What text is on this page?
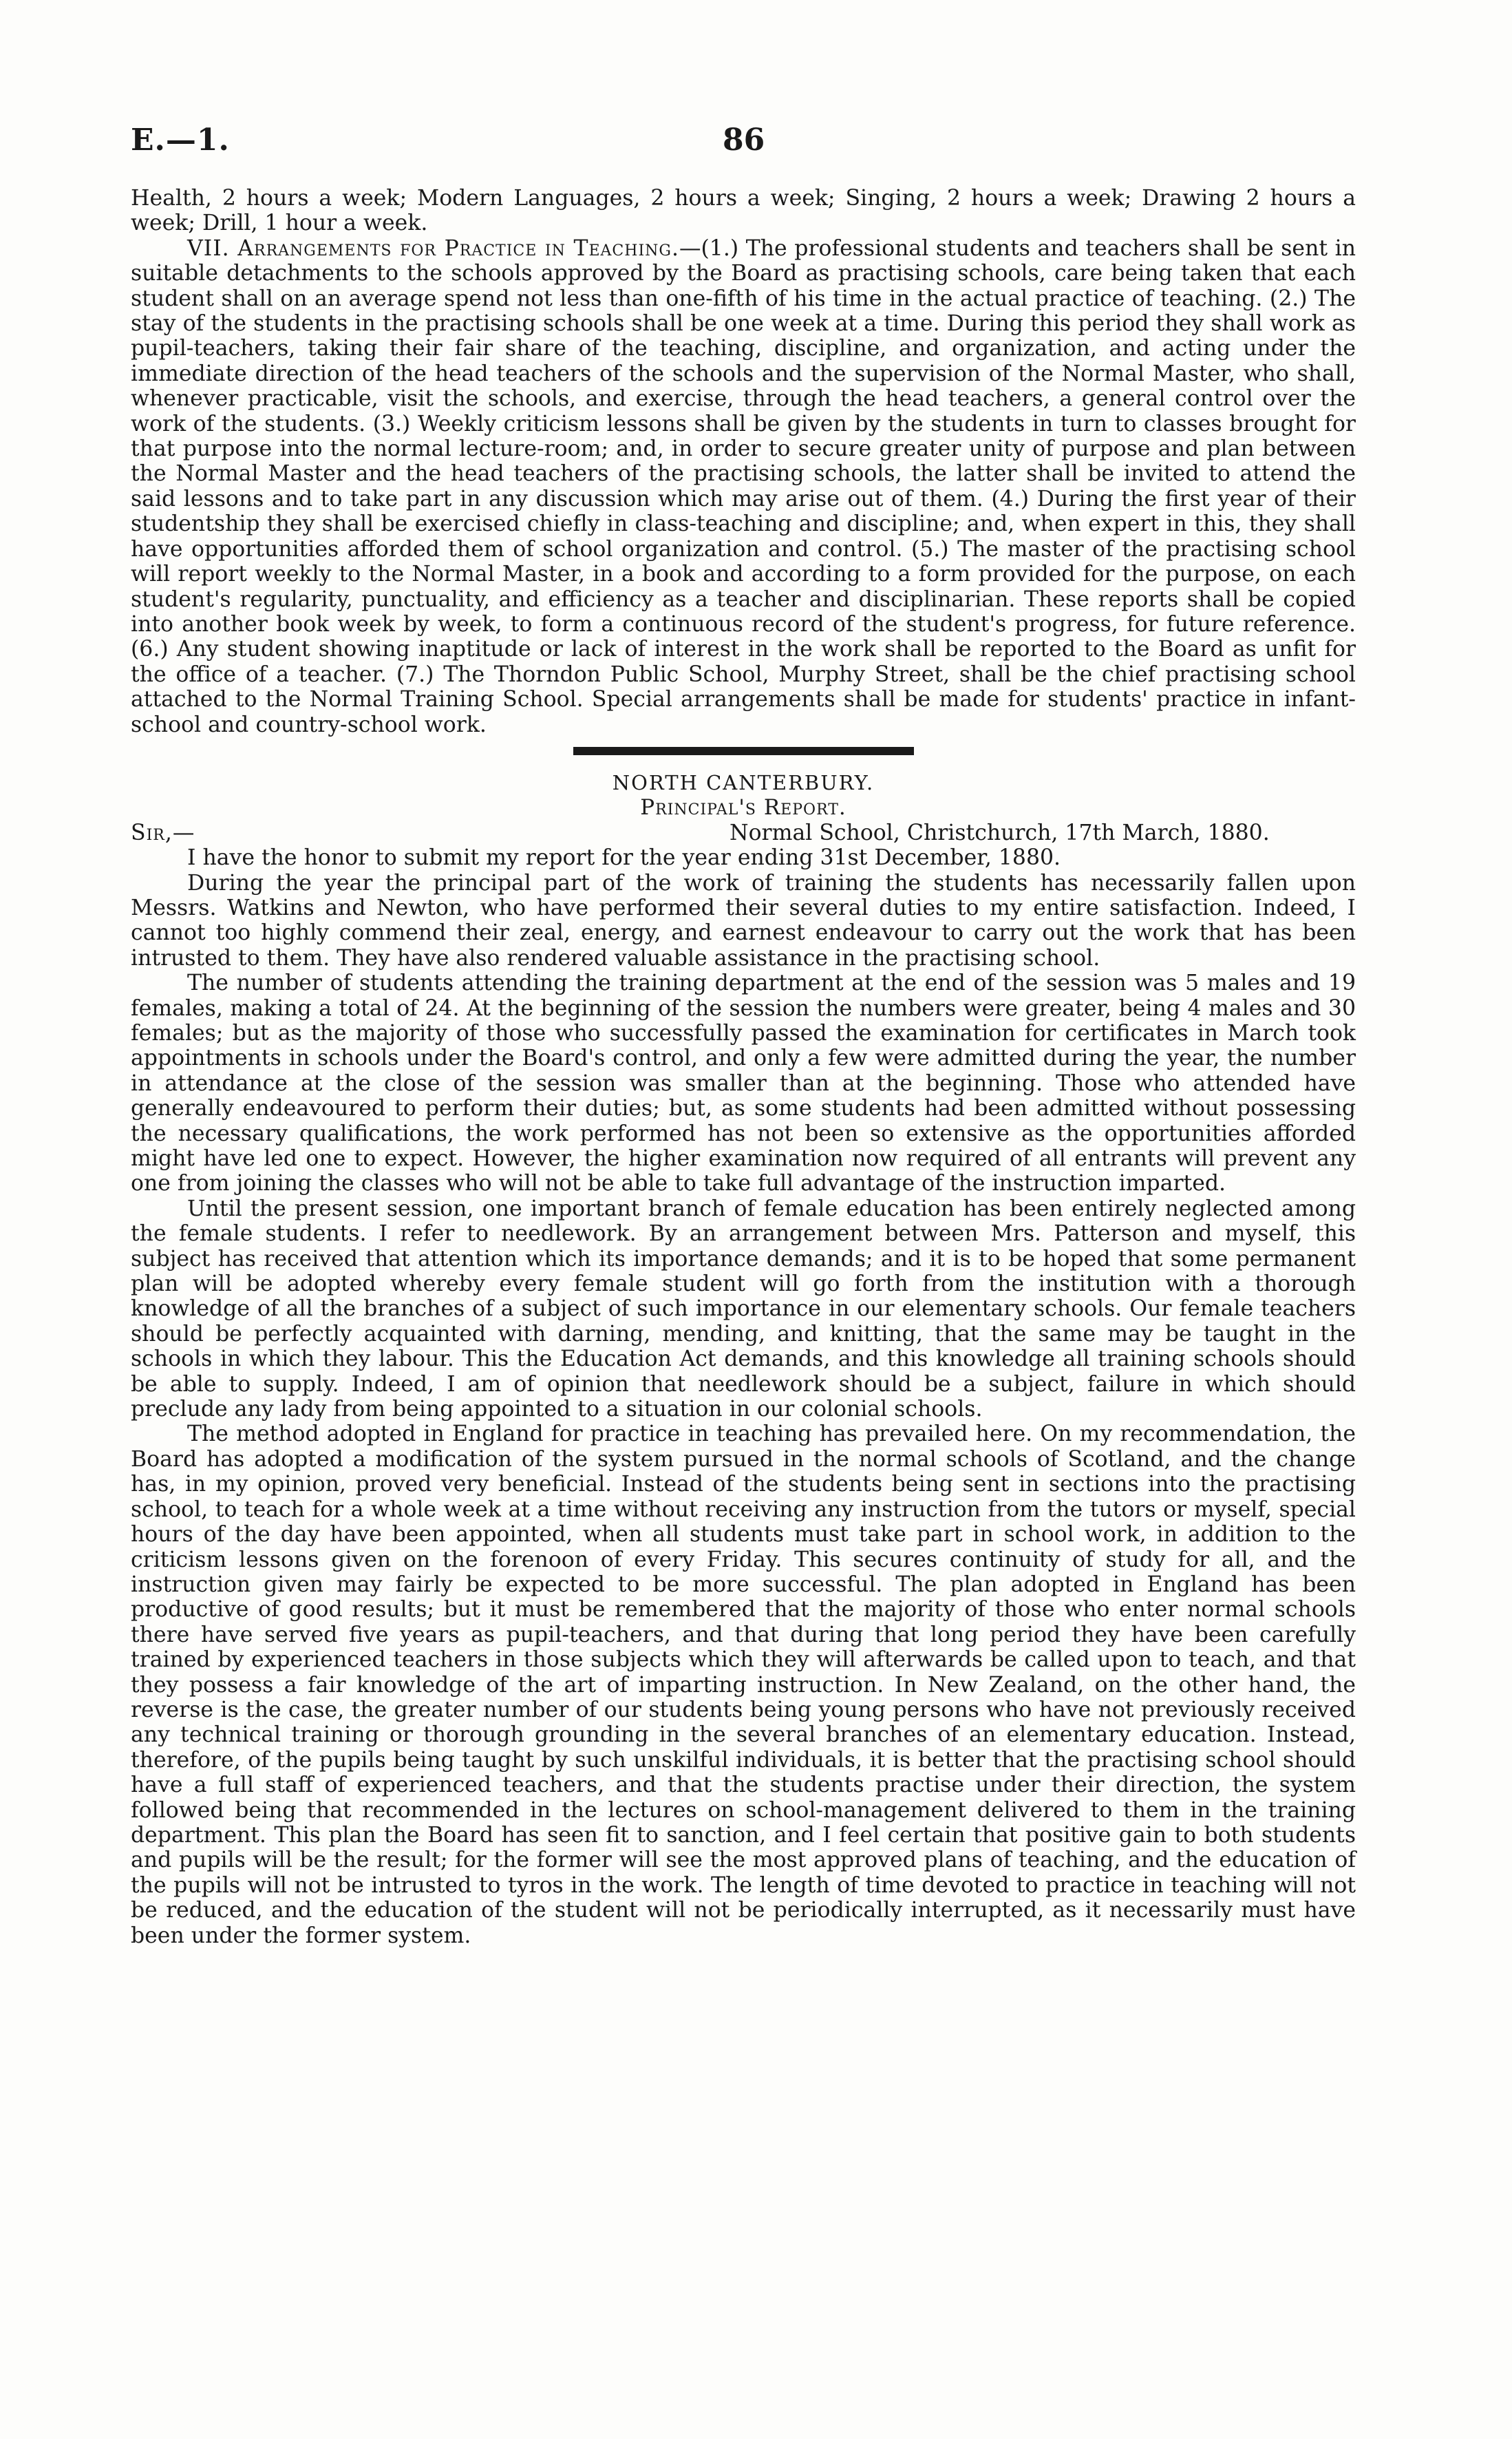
E.—1.	86

Health, 2 hours a week; Modern Languages, 2 hours a week; Singing, 2 hours a week; Drawing 2 hours a week; Drill, 1 hour a week.

VII. Arrangements for Practice in Teaching.—(1.) The professional students and teachers shall be sent in suitable detachments to the schools approved by the Board as practising schools, care being taken that each student shall on an average spend not less than one-fifth of his time in the actual practice of teaching. (2.) The stay of the students in the practising schools shall be one week at a time. During this period they shall work as pupil-teachers, taking their fair share of the teaching, discipline, and organization, and acting under the immediate direction of the head teachers of the schools and the supervision of the Normal Master, who shall, whenever practicable, visit the schools, and exercise, through the head teachers, a general control over the work of the students. (3.) Weekly criticism lessons shall be given by the students in turn to classes brought for that purpose into the normal lecture-room; and, in order to secure greater unity of purpose and plan between the Normal Master and the head teachers of the practising schools, the latter shall be invited to attend the said lessons and to take part in any discussion which may arise out of them. (4.) During the first year of their studentship they shall be exercised chiefly in class-teaching and discipline; and, when expert in this, they shall have opportunities afforded them of school organization and control. (5.) The master of the practising school will report weekly to the Normal Master, in a book and according to a form provided for the purpose, on each student's regularity, punctuality, and efficiency as a teacher and disciplinarian. These reports shall be copied into another book week by week, to form a continuous record of the student's progress, for future reference. (6.) Any student showing inaptitude or lack of interest in the work shall be reported to the Board as unfit for the office of a teacher. (7.) The Thorndon Public School, Murphy Street, shall be the chief practising school attached to the Normal Training School. Special arrangements shall be made for students' practice in infant-school and country-school work.

NORTH CANTERBURY.

Principal's Report.

Sir,—	Normal School, Christchurch, 17th March, 1880.

I have the honor to submit my report for the year ending 31st December, 1880.

During the year the principal part of the work of training the students has necessarily fallen upon Messrs. Watkins and Newton, who have performed their several duties to my entire satisfaction. Indeed, I cannot too highly commend their zeal, energy, and earnest endeavour to carry out the work that has been intrusted to them. They have also rendered valuable assistance in the practising school.

The number of students attending the training department at the end of the session was 5 males and 19 females, making a total of 24. At the beginning of the session the numbers were greater, being 4 males and 30 females; but as the majority of those who successfully passed the examination for certificates in March took appointments in schools under the Board's control, and only a few were admitted during the year, the number in attendance at the close of the session was smaller than at the beginning. Those who attended have generally endeavoured to perform their duties; but, as some students had been admitted without possessing the necessary qualifications, the work performed has not been so extensive as the opportunities afforded might have led one to expect. However, the higher examination now required of all entrants will prevent any one from joining the classes who will not be able to take full advantage of the instruction imparted.

Until the present session, one important branch of female education has been entirely neglected among the female students. I refer to needlework. By an arrangement between Mrs. Patterson and myself, this subject has received that attention which its importance demands; and it is to be hoped that some permanent plan will be adopted whereby every female student will go forth from the institution with a thorough knowledge of all the branches of a subject of such importance in our elementary schools. Our female teachers should be perfectly acquainted with darning, mending, and knitting, that the same may be taught in the schools in which they labour. This the Education Act demands, and this knowledge all training schools should be able to supply. Indeed, I am of opinion that needlework should be a subject, failure in which should preclude any lady from being appointed to a situation in our colonial schools.

The method adopted in England for practice in teaching has prevailed here. On my recommendation, the Board has adopted a modification of the system pursued in the normal schools of Scotland, and the change has, in my opinion, proved very beneficial. Instead of the students being sent in sections into the practising school, to teach for a whole week at a time without receiving any instruction from the tutors or myself, special hours of the day have been appointed, when all students must take part in school work, in addition to the criticism lessons given on the forenoon of every Friday. This secures continuity of study for all, and the instruction given may fairly be expected to be more successful. The plan adopted in England has been productive of good results; but it must be remembered that the majority of those who enter normal schools there have served five years as pupil-teachers, and that during that long period they have been carefully trained by experienced teachers in those subjects which they will afterwards be called upon to teach, and that they possess a fair knowledge of the art of imparting instruction. In New Zealand, on the other hand, the reverse is the case, the greater number of our students being young persons who have not previously received any technical training or thorough grounding in the several branches of an elementary education. Instead, therefore, of the pupils being taught by such unskilful individuals, it is better that the practising school should have a full staff of experienced teachers, and that the students practise under their direction, the system followed being that recommended in the lectures on school-management delivered to them in the training department. This plan the Board has seen fit to sanction, and I feel certain that positive gain to both students and pupils will be the result; for the former will see the most approved plans of teaching, and the education of the pupils will not be intrusted to tyros in the work. The length of time devoted to practice in teaching will not be reduced, and the education of the student will not be periodically interrupted, as it necessarily must have been under the former system.
